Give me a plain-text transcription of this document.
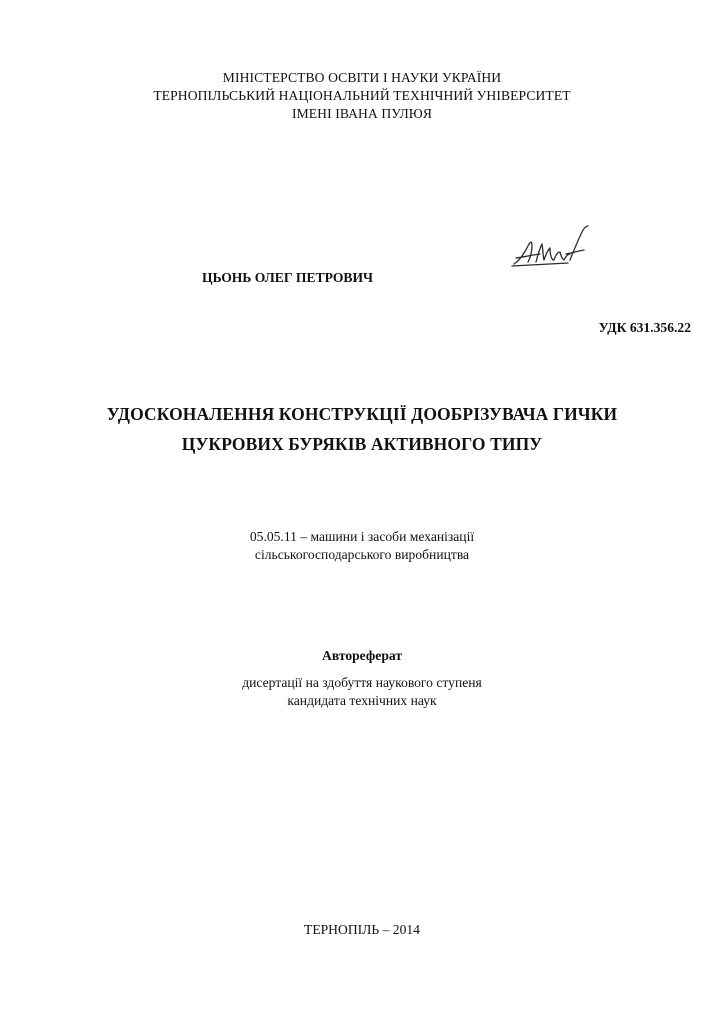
МІНІСТЕРСТВО ОСВІТИ І НАУКИ УКРАЇНИ
ТЕРНОПІЛЬСЬКИЙ НАЦІОНАЛЬНИЙ ТЕХНІЧНИЙ УНІВЕРСИТЕТ
ІМЕНІ ІВАНА ПУЛЮЯ
ЦЬОНЬ ОЛЕГ ПЕТРОВИЧ
УДК 631.356.22
УДОСКОНАЛЕННЯ КОНСТРУКЦІЇ ДООБРІЗУВАЧА ГИЧКИ
ЦУКРОВИХ БУРЯКІВ АКТИВНОГО ТИПУ
05.05.11 – машини і засоби механізації
сільськогосподарського виробництва
Автореферат
дисертації на здобуття наукового ступеня
кандидата технічних наук
ТЕРНОПІЛЬ – 2014
